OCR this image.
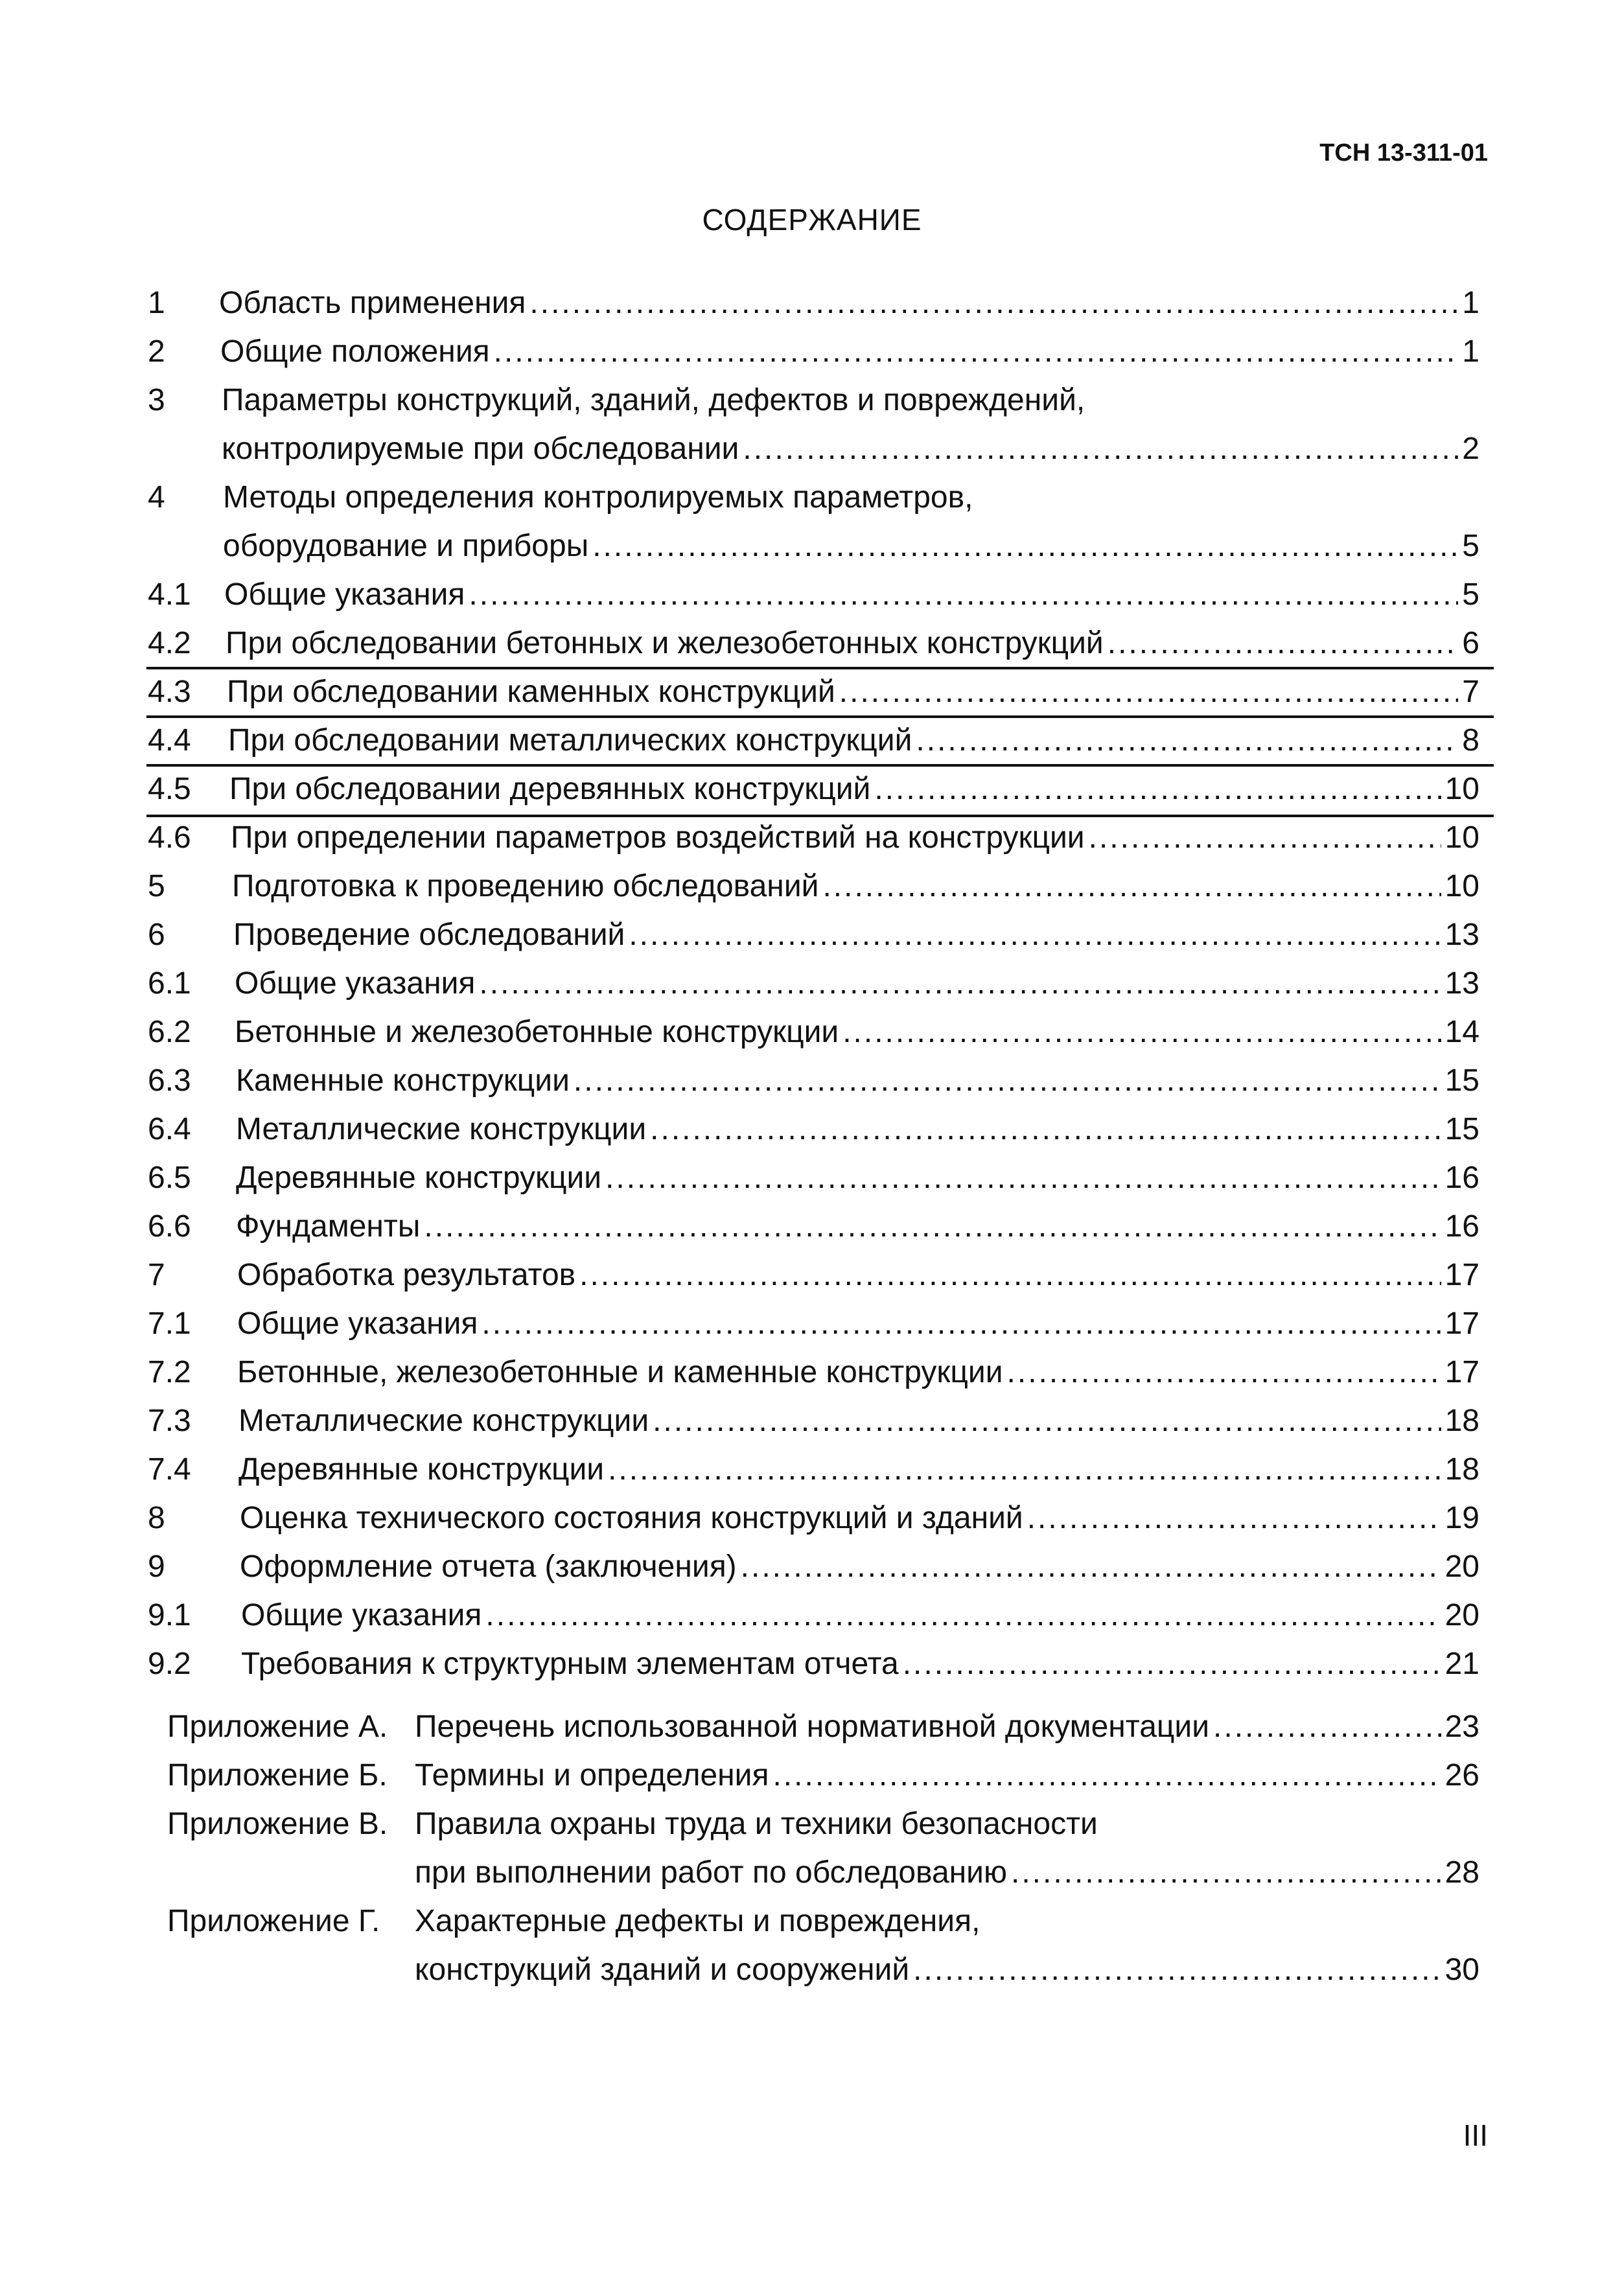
ТСН 13-311-01
СОДЕРЖАНИЕ
1 Область применения .....	1
2 Общие положения .....	1
3 Параметры конструкций, зданий, дефектов и повреждений,
контролируемые при обследовании .....	2
4 Методы определения контролируемых параметров,
оборудование и приборы .....	5
4.1 Общие указания .....	5
4.2 При обследовании бетонных и железобетонных конструкций .....	6
4.3 При обследовании каменных конструкций .....	7
4.4 При обследовании металлических конструкций .....	8
4.5 При обследовании деревянных конструкций .....	10
4.6 При определении параметров воздействий на конструкции .....	10
5 Подготовка к проведению обследований .....	10
6 Проведение обследований .....	13
6.1 Общие указания .....	13
6.2 Бетонные и железобетонные конструкции .....	14
6.3 Каменные конструкции .....	15
6.4 Металлические конструкции .....	15
6.5 Деревянные конструкции .....	16
6.6 Фундаменты .....	16
7 Обработка результатов .....	17
7.1 Общие указания .....	17
7.2 Бетонные, железобетонные и каменные конструкции .....	17
7.3 Металлические конструкции .....	18
7.4 Деревянные конструкции .....	18
8 Оценка технического состояния конструкций и зданий .....	19
9 Оформление отчета (заключения) .....	20
9.1 Общие указания .....	20
9.2 Требования к структурным элементам отчета .....	21
Приложение А. Перечень использованной нормативной документации .....	23
Приложение Б. Термины и определения .....	26
Приложение В. Правила охраны труда и техники безопасности
при выполнении работ по обследованию .....	28
Приложение Г. Характерные дефекты и повреждения,
конструкций зданий и сооружений .....	30
III
